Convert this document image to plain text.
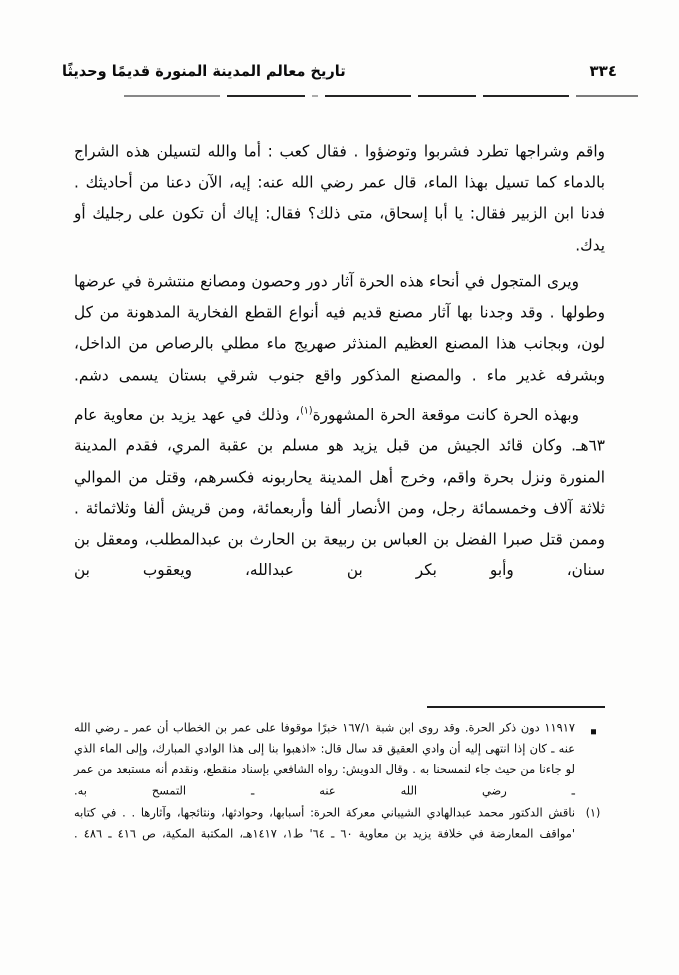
تاريخ معالم المدينة المنورة قديمًا وحديثًا	٣٣٤

واقم وشراجها تطرد فشربوا وتوضؤوا . فقال كعب : أما والله لتسيلن هذه الشراج بالدماء كما تسيل بهذا الماء، قال عمر رضي الله عنه: إيه، الآن دعنا من أحاديثك . فدنا ابن الزبير فقال: يا أبا إسحاق، متى ذلك؟ فقال: إياك أن تكون على رجليك أو يدك.

ويرى المتجول في أنحاء هذه الحرة آثار دور وحصون ومصانع منتشرة في عرضها وطولها . وقد وجدنا بها آثار مصنع قديم فيه أنواع القطع الفخارية المدهونة من كل لون، وبجانب هذا المصنع العظيم المنذثر صهريج ماء مطلي بالرصاص من الداخل، وبشرفه غدير ماء . والمصنع المذكور واقع جنوب شرقي بستان يسمى دشم.

وبهذه الحرة كانت موقعة الحرة المشهورة$^{(١)}$، وذلك في عهد يزيد بن معاوية عام ٦٣هـ. وكان قائد الجيش من قبل يزيد هو مسلم بن عقبة المري، فقدم المدينة المنورة ونزل بحرة واقم، وخرج أهل المدينة يحاربونه فكسرهم، وقتل من الموالي ثلاثة آلاف وخمسمائة رجل، ومن الأنصار ألفا وأربعمائة، ومن قريش ألفا وثلاثمائة . وممن قتل صبرا الفضل بن العباس بن ربيعة بن الحارث بن عبدالمطلب، ومعقل بن سنان، وأبو بكر بن عبدالله، ويعقوب بن

١١٩١٧ دون ذكر الحرة. وقد روى ابن شبة ١٦٧/١ خبرًا موقوفا على عمر بن الخطاب أن عمر ـ رضي الله عنه ـ كان إذا انتهى إليه أن وادي العقيق قد سال قال: «اذهبوا بنا إلى هذا الوادي المبارك، وإلى الماء الذي لو جاءنا من حيث جاء لنمسحنا به . وقال الدويش: رواه الشافعي بإسناد منقطع، ونقدم أنه مستبعد من عمر ـ رضي الله عنه ـ التمسح به.
(١)
ناقش الدكتور محمد عبدالهادي الشيباني معركة الحرة: أسبابها، وحوادثها، ونتائجها، وآثارها . . في كتابه 'مواقف المعارضة في خلافة يزيد بن معاوية ٦٠ ـ ٦٤' ط١، ١٤١٧هـ، المكتبة المكية، ص ٤١٦ ـ ٤٨٦ .
